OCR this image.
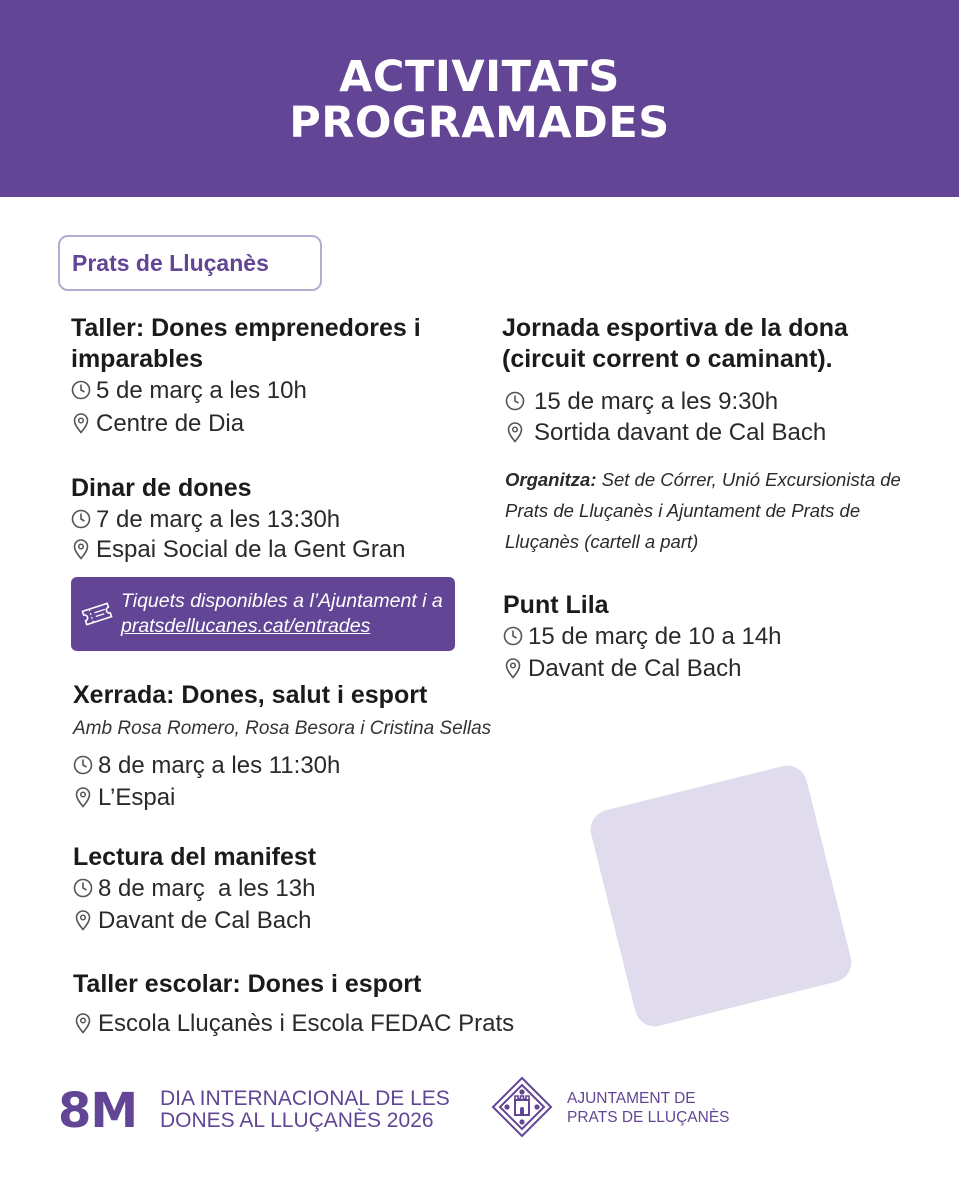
ACTIVITATS
PROGRAMADES
Prats de Lluçanès
Taller: Dones emprenedores i imparables
5 de març a les 10h
Centre de Dia
Dinar de dones
7 de març a les 13:30h
Espai Social de la Gent Gran
Tiquets disponibles a l’Ajuntament i a pratsdellucanes.cat/entrades
Xerrada: Dones, salut i esport
Amb Rosa Romero, Rosa Besora i Cristina Sellas
8 de març a les 11:30h
L’Espai
Lectura del manifest
8 de març  a les 13h
Davant de Cal Bach
Taller escolar: Dones i esport
Escola Lluçanès i Escola FEDAC Prats
Jornada esportiva de la dona
(circuit corrent o caminant).
15 de març a les 9:30h
Sortida davant de Cal Bach
Organitza: Set de Córrer, Unió Excursionista de Prats de Lluçanès i Ajuntament de Prats de Lluçanès (cartell a part)
Punt Lila
15 de març de 10 a 14h
Davant de Cal Bach
8M DIA INTERNACIONAL DE LES
DONES AL LLUÇANÈS 2026
AJUNTAMENT DE
PRATS DE LLUÇANÈS
